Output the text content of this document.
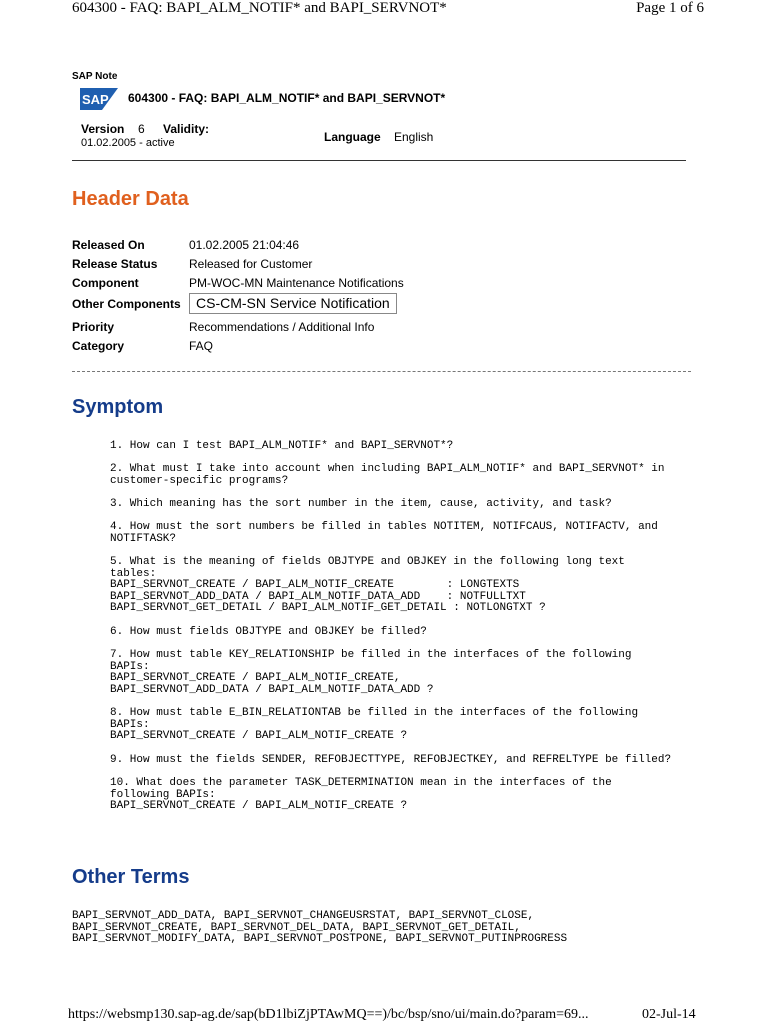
604300 - FAQ: BAPI_ALM_NOTIF* and BAPI_SERVNOT*	Page 1 of 6
SAP Note
SAP 604300 - FAQ: BAPI_ALM_NOTIF* and BAPI_SERVNOT*
Version 6 Validity:
01.02.2005 - active	Language English
Header Data
Released On	01.02.2005 21:04:46
Release Status	Released for Customer
Component	PM-WOC-MN Maintenance Notifications
Other Components	CS-CM-SN Service Notification
Priority	Recommendations / Additional Info
Category	FAQ
Symptom
1. How can I test BAPI_ALM_NOTIF* and BAPI_SERVNOT*?
2. What must I take into account when including BAPI_ALM_NOTIF* and BAPI_SERVNOT* in
customer-specific programs?
3. Which meaning has the sort number in the item, cause, activity, and task?
4. How must the sort numbers be filled in tables NOTITEM, NOTIFCAUS, NOTIFACTV, and
NOTIFTASK?
5. What is the meaning of fields OBJTYPE and OBJKEY in the following long text
tables:
BAPI_SERVNOT_CREATE / BAPI_ALM_NOTIF_CREATE        : LONGTEXTS
BAPI_SERVNOT_ADD_DATA / BAPI_ALM_NOTIF_DATA_ADD    : NOTFULLTXT
BAPI_SERVNOT_GET_DETAIL / BAPI_ALM_NOTIF_GET_DETAIL : NOTLONGTXT ?
6. How must fields OBJTYPE and OBJKEY be filled?
7. How must table KEY_RELATIONSHIP be filled in the interfaces of the following
BAPIs:
BAPI_SERVNOT_CREATE / BAPI_ALM_NOTIF_CREATE,
BAPI_SERVNOT_ADD_DATA / BAPI_ALM_NOTIF_DATA_ADD ?
8. How must table E_BIN_RELATIONTAB be filled in the interfaces of the following
BAPIs:
BAPI_SERVNOT_CREATE / BAPI_ALM_NOTIF_CREATE ?
9. How must the fields SENDER, REFOBJECTTYPE, REFOBJECTKEY, and REFRELTYPE be filled?
10. What does the parameter TASK_DETERMINATION mean in the interfaces of the
following BAPIs:
BAPI_SERVNOT_CREATE / BAPI_ALM_NOTIF_CREATE ?
Other Terms
BAPI_SERVNOT_ADD_DATA, BAPI_SERVNOT_CHANGEUSRSTAT, BAPI_SERVNOT_CLOSE,
BAPI_SERVNOT_CREATE, BAPI_SERVNOT_DEL_DATA, BAPI_SERVNOT_GET_DETAIL,
BAPI_SERVNOT_MODIFY_DATA, BAPI_SERVNOT_POSTPONE, BAPI_SERVNOT_PUTINPROGRESS
https://websmp130.sap-ag.de/sap(bD1lbiZjPTAwMQ==)/bc/bsp/sno/ui/main.do?param=69...	02-Jul-14
